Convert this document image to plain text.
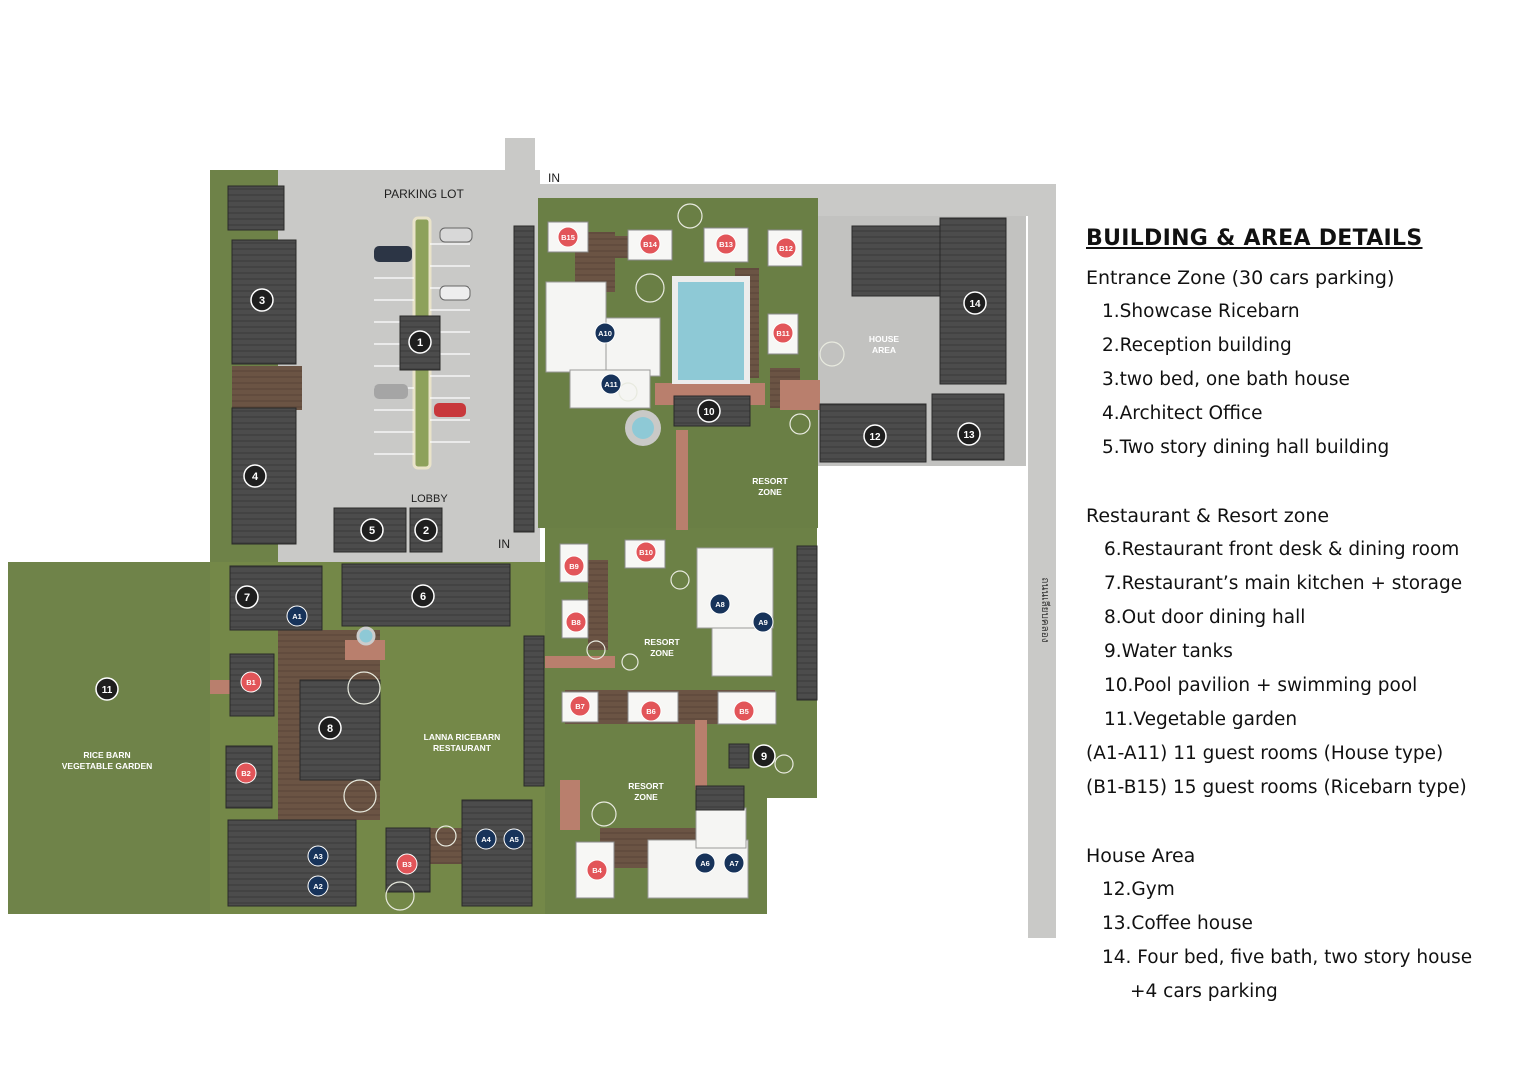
PARKING LOT
IN
IN
LOBBY
HOUSE AREA
RESORT ZONE
RESORT ZONE
RESORT ZONE
RICE BARN VEGETABLE GARDEN
LANNA RICEBARN RESTAURANT
ถนนเลียบคลอง
1
2
3
4
5
6
7
8
9
10
11
12	13
14
A1
A2
A3
A4 A5
A6	A7
A8
A9
A10
A11
B1
B2
B3
B4
B5
B6
B7
B8
B9
B10
B11
B12
B13
B14
B15	BUILDING & AREA DETAILS
Entrance Zone (30 cars parking)
1.Showcase Ricebarn
2.Reception building
3.two bed, one bath house
4.Architect Office
5.Two story dining hall building
Restaurant & Resort zone
6.Restaurant front desk & dining room
7.Restaurant’s main kitchen + storage
8.Out door dining hall
9.Water tanks
10.Pool pavilion + swimming pool
11.Vegetable garden
(A1-A11) 11 guest rooms (House type)
(B1-B15) 15 guest rooms (Ricebarn type)
House Area
12.Gym
13.Coffee house
14. Four bed, five bath, two story house
+4 cars parking
